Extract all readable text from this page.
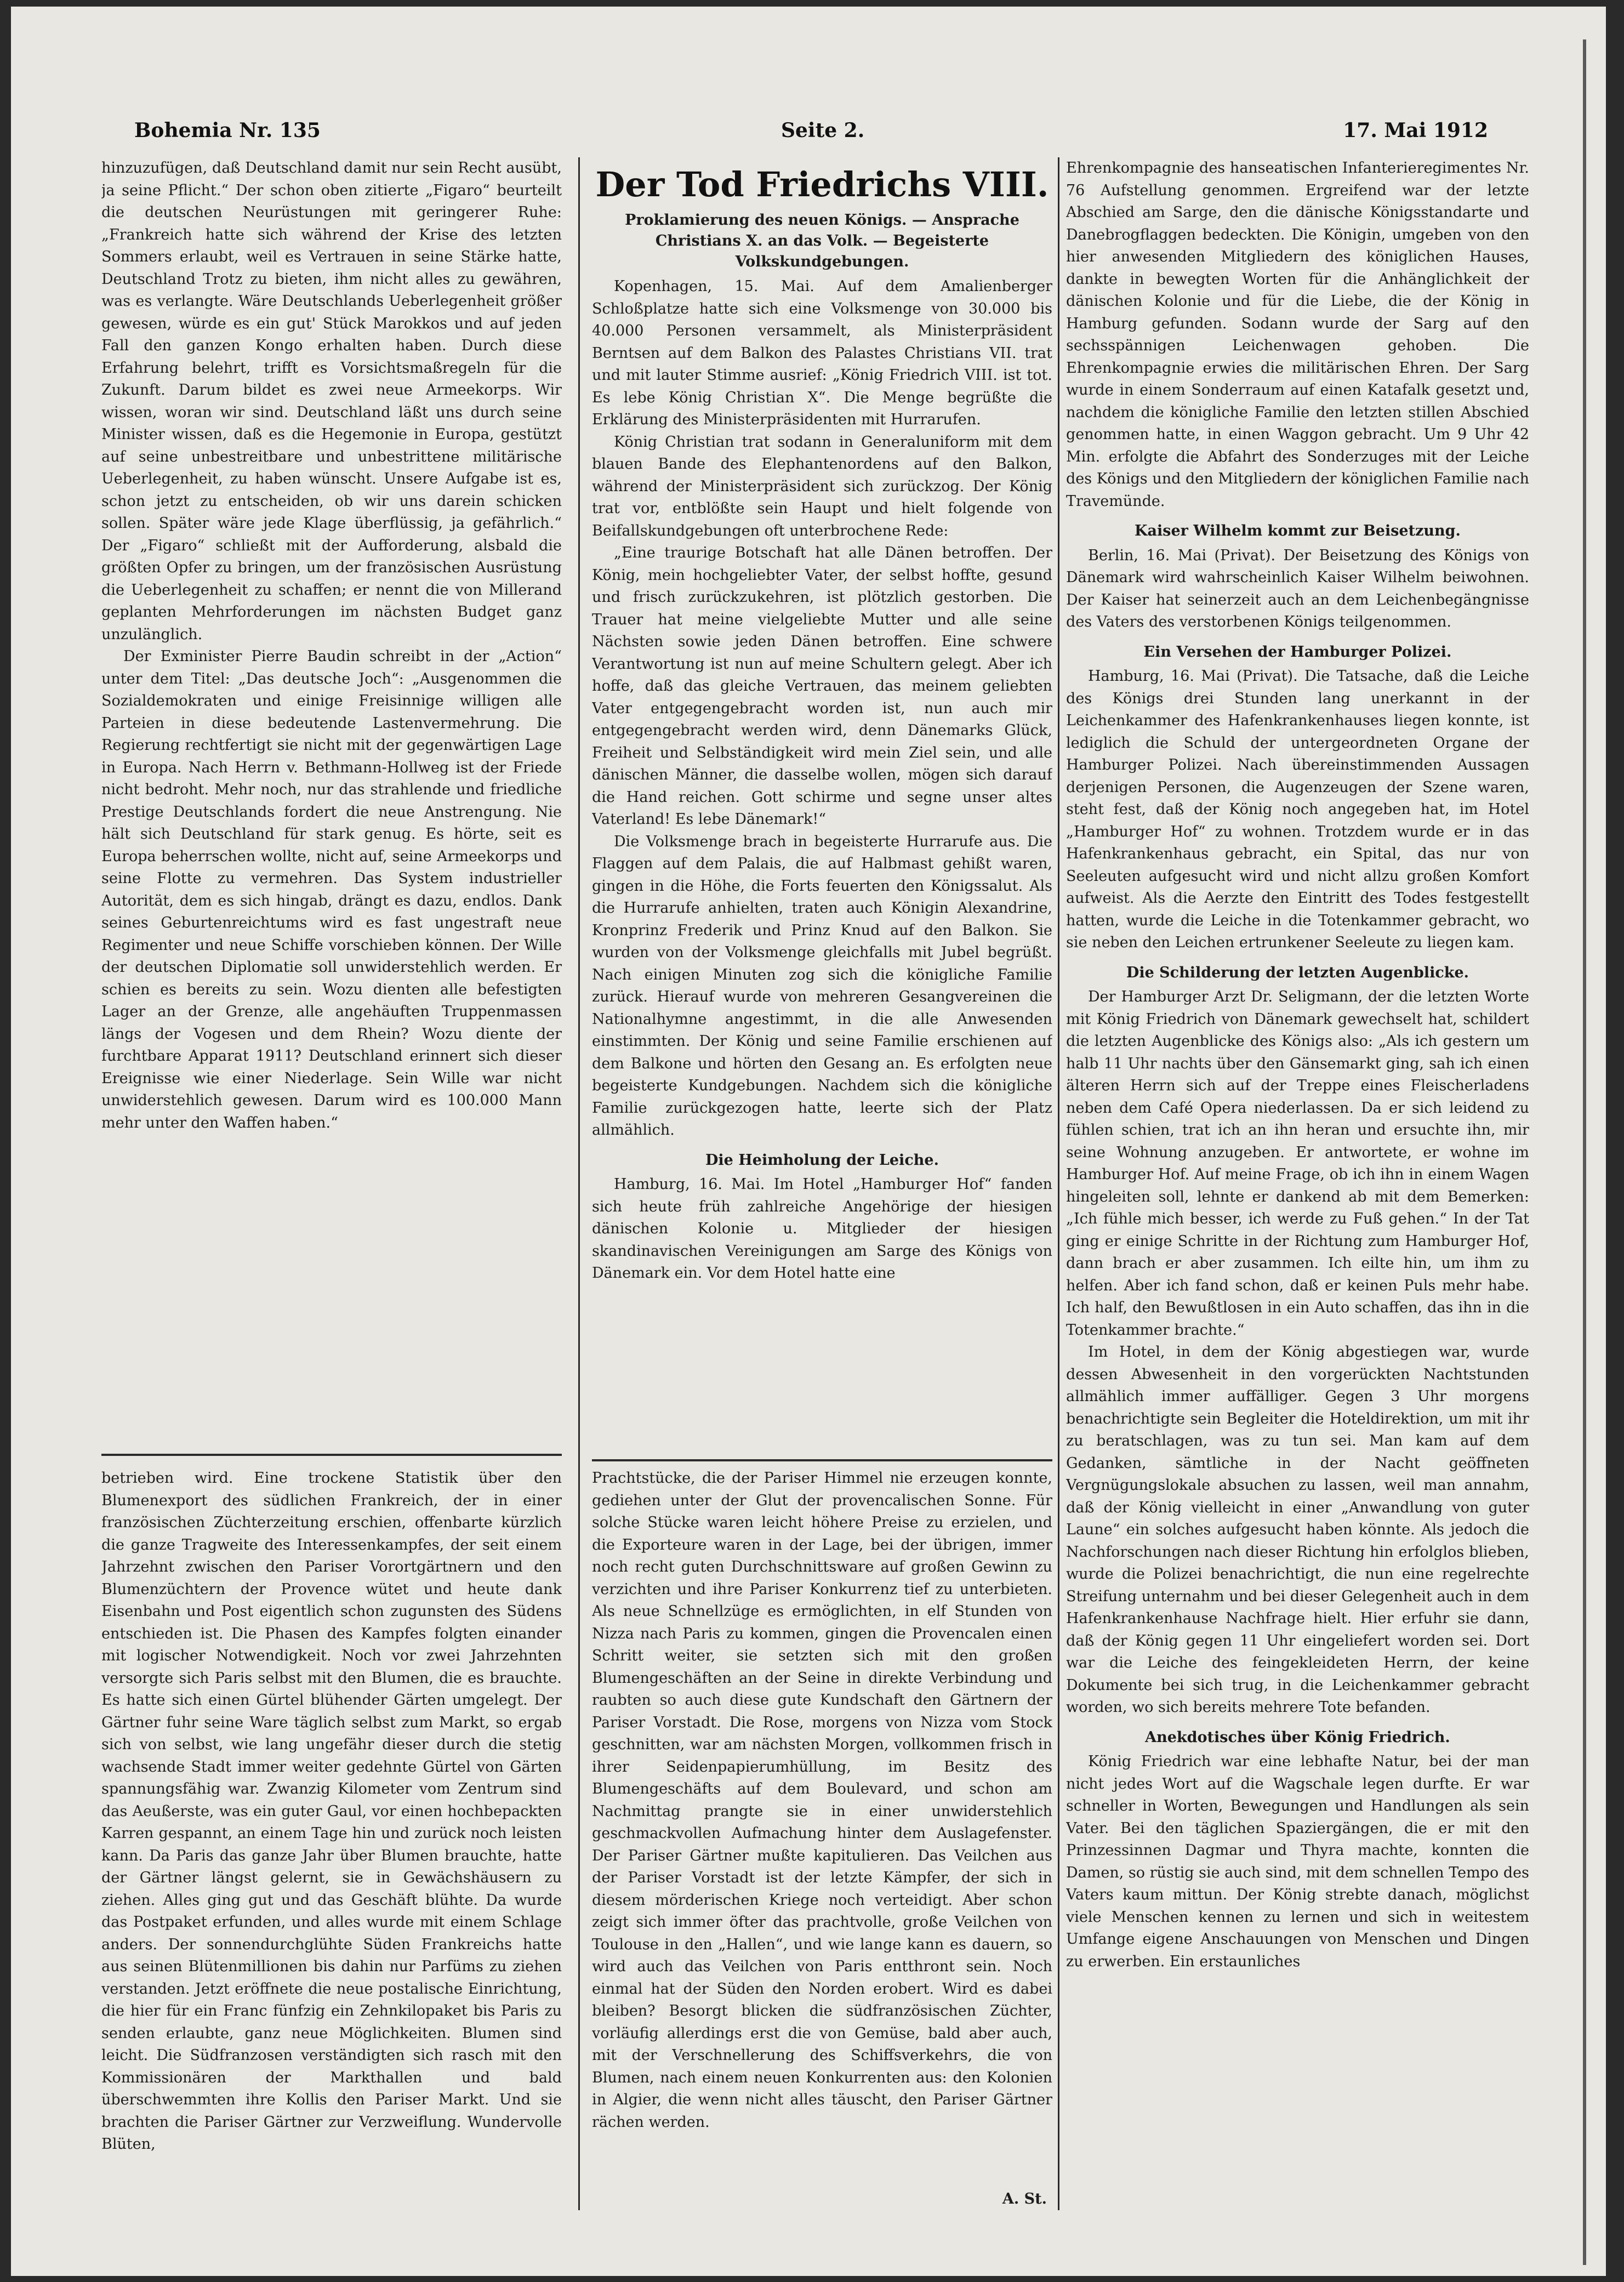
Bohemia Nr. 135	Seite 2.	17. Mai 1912

hinzuzufügen, daß Deutschland damit nur sein Recht ausübt, ja seine Pflicht.“ Der schon oben zitierte „Figaro“ beurteilt die deutschen Neurüstungen mit geringerer Ruhe: „Frankreich hatte sich während der Krise des letzten Sommers erlaubt, weil es Vertrauen in seine Stärke hatte, Deutschland Trotz zu bieten, ihm nicht alles zu gewähren, was es verlangte. Wäre Deutschlands Ueberlegenheit größer gewesen, würde es ein gut' Stück Marokkos und auf jeden Fall den ganzen Kongo erhalten haben. Durch diese Erfahrung belehrt, trifft es Vorsichtsmaßregeln für die Zukunft. Darum bildet es zwei neue Armeekorps. Wir wissen, woran wir sind. Deutschland läßt uns durch seine Minister wissen, daß es die Hegemonie in Europa, gestützt auf seine unbestreitbare und unbestrittene militärische Ueberlegenheit, zu haben wünscht. Unsere Aufgabe ist es, schon jetzt zu entscheiden, ob wir uns darein schicken sollen. Später wäre jede Klage überflüssig, ja gefährlich.“ Der „Figaro“ schließt mit der Aufforderung, alsbald die größten Opfer zu bringen, um der französischen Ausrüstung die Ueberlegenheit zu schaffen; er nennt die von Millerand geplanten Mehrforderungen im nächsten Budget ganz unzulänglich.

Der Exminister Pierre Baudin schreibt in der „Action“ unter dem Titel: „Das deutsche Joch“: „Ausgenommen die Sozialdemokraten und einige Freisinnige willigen alle Parteien in diese bedeutende Lastenvermehrung. Die Regierung rechtfertigt sie nicht mit der gegenwärtigen Lage in Europa. Nach Herrn v. Bethmann-Hollweg ist der Friede nicht bedroht. Mehr noch, nur das strahlende und friedliche Prestige Deutschlands fordert die neue Anstrengung. Nie hält sich Deutschland für stark genug. Es hörte, seit es Europa beherrschen wollte, nicht auf, seine Armeekorps und seine Flotte zu vermehren. Das System industrieller Autorität, dem es sich hingab, drängt es dazu, endlos. Dank seines Geburtenreichtums wird es fast ungestraft neue Regimenter und neue Schiffe vorschieben können. Der Wille der deutschen Diplomatie soll unwiderstehlich werden. Er schien es bereits zu sein. Wozu dienten alle befestigten Lager an der Grenze, alle angehäuften Truppenmassen längs der Vogesen und dem Rhein? Wozu diente der furchtbare Apparat 1911? Deutschland erinnert sich dieser Ereignisse wie einer Niederlage. Sein Wille war nicht unwiderstehlich gewesen. Darum wird es 100.000 Mann mehr unter den Waffen haben.“

Der Tod Friedrichs VIII.
Proklamierung des neuen Königs. — Ansprache Christians X. an das Volk. — Begeisterte Volkskundgebungen.

Kopenhagen, 15. Mai. Auf dem Amalienberger Schloßplatze hatte sich eine Volksmenge von 30.000 bis 40.000 Personen versammelt, als Ministerpräsident Berntsen auf dem Balkon des Palastes Christians VII. trat und mit lauter Stimme ausrief: „König Friedrich VIII. ist tot. Es lebe König Christian X“. Die Menge begrüßte die Erklärung des Ministerpräsidenten mit Hurrarufen.

König Christian trat sodann in Generaluniform mit dem blauen Bande des Elephantenordens auf den Balkon, während der Ministerpräsident sich zurückzog. Der König trat vor, entblößte sein Haupt und hielt folgende von Beifallskundgebungen oft unterbrochene Rede:

„Eine traurige Botschaft hat alle Dänen betroffen. Der König, mein hochgeliebter Vater, der selbst hoffte, gesund und frisch zurückzukehren, ist plötzlich gestorben. Die Trauer hat meine vielgeliebte Mutter und alle seine Nächsten sowie jeden Dänen betroffen. Eine schwere Verantwortung ist nun auf meine Schultern gelegt. Aber ich hoffe, daß das gleiche Vertrauen, das meinem geliebten Vater entgegengebracht worden ist, nun auch mir entgegengebracht werden wird, denn Dänemarks Glück, Freiheit und Selbständigkeit wird mein Ziel sein, und alle dänischen Männer, die dasselbe wollen, mögen sich darauf die Hand reichen. Gott schirme und segne unser altes Vaterland! Es lebe Dänemark!“

Die Volksmenge brach in begeisterte Hurrarufe aus. Die Flaggen auf dem Palais, die auf Halbmast gehißt waren, gingen in die Höhe, die Forts feuerten den Königssalut. Als die Hurrarufe anhielten, traten auch Königin Alexandrine, Kronprinz Frederik und Prinz Knud auf den Balkon. Sie wurden von der Volksmenge gleichfalls mit Jubel begrüßt. Nach einigen Minuten zog sich die königliche Familie zurück. Hierauf wurde von mehreren Gesangvereinen die Nationalhymne angestimmt, in die alle Anwesenden einstimmten. Der König und seine Familie erschienen auf dem Balkone und hörten den Gesang an. Es erfolgten neue begeisterte Kundgebungen. Nachdem sich die königliche Familie zurückgezogen hatte, leerte sich der Platz allmählich.

Die Heimholung der Leiche.

Hamburg, 16. Mai. Im Hotel „Hamburger Hof“ fanden sich heute früh zahlreiche Angehörige der hiesigen dänischen Kolonie u. Mitglieder der hiesigen skandinavischen Vereinigungen am Sarge des Königs von Dänemark ein. Vor dem Hotel hatte eine

Ehrenkompagnie des hanseatischen Infanterieregimentes Nr. 76 Aufstellung genommen. Ergreifend war der letzte Abschied am Sarge, den die dänische Königsstandarte und Danebrogflaggen bedeckten. Die Königin, umgeben von den hier anwesenden Mitgliedern des königlichen Hauses, dankte in bewegten Worten für die Anhänglichkeit der dänischen Kolonie und für die Liebe, die der König in Hamburg gefunden. Sodann wurde der Sarg auf den sechsspännigen Leichenwagen gehoben. Die Ehrenkompagnie erwies die militärischen Ehren. Der Sarg wurde in einem Sonderraum auf einen Katafalk gesetzt und, nachdem die königliche Familie den letzten stillen Abschied genommen hatte, in einen Waggon gebracht. Um 9 Uhr 42 Min. erfolgte die Abfahrt des Sonderzuges mit der Leiche des Königs und den Mitgliedern der königlichen Familie nach Travemünde.

Kaiser Wilhelm kommt zur Beisetzung.

Berlin, 16. Mai (Privat). Der Beisetzung des Königs von Dänemark wird wahrscheinlich Kaiser Wilhelm beiwohnen. Der Kaiser hat seinerzeit auch an dem Leichenbegängnisse des Vaters des verstorbenen Königs teilgenommen.

Ein Versehen der Hamburger Polizei.

Hamburg, 16. Mai (Privat). Die Tatsache, daß die Leiche des Königs drei Stunden lang unerkannt in der Leichenkammer des Hafenkrankenhauses liegen konnte, ist lediglich die Schuld der untergeordneten Organe der Hamburger Polizei. Nach übereinstimmenden Aussagen derjenigen Personen, die Augenzeugen der Szene waren, steht fest, daß der König noch angegeben hat, im Hotel „Hamburger Hof“ zu wohnen. Trotzdem wurde er in das Hafenkrankenhaus gebracht, ein Spital, das nur von Seeleuten aufgesucht wird und nicht allzu großen Komfort aufweist. Als die Aerzte den Eintritt des Todes festgestellt hatten, wurde die Leiche in die Totenkammer gebracht, wo sie neben den Leichen ertrunkener Seeleute zu liegen kam.

Die Schilderung der letzten Augenblicke.

Der Hamburger Arzt Dr. Seligmann, der die letzten Worte mit König Friedrich von Dänemark gewechselt hat, schildert die letzten Augenblicke des Königs also: „Als ich gestern um halb 11 Uhr nachts über den Gänsemarkt ging, sah ich einen älteren Herrn sich auf der Treppe eines Fleischerladens neben dem Café Opera niederlassen. Da er sich leidend zu fühlen schien, trat ich an ihn heran und ersuchte ihn, mir seine Wohnung anzugeben. Er antwortete, er wohne im Hamburger Hof. Auf meine Frage, ob ich ihn in einem Wagen hingeleiten soll, lehnte er dankend ab mit dem Bemerken: „Ich fühle mich besser, ich werde zu Fuß gehen.“ In der Tat ging er einige Schritte in der Richtung zum Hamburger Hof, dann brach er aber zusammen. Ich eilte hin, um ihm zu helfen. Aber ich fand schon, daß er keinen Puls mehr habe. Ich half, den Bewußtlosen in ein Auto schaffen, das ihn in die Totenkammer brachte.“

Im Hotel, in dem der König abgestiegen war, wurde dessen Abwesenheit in den vorgerückten Nachtstunden allmählich immer auffälliger. Gegen 3 Uhr morgens benachrichtigte sein Begleiter die Hoteldirektion, um mit ihr zu beratschlagen, was zu tun sei. Man kam auf dem Gedanken, sämtliche in der Nacht geöffneten Vergnügungslokale absuchen zu lassen, weil man annahm, daß der König vielleicht in einer „Anwandlung von guter Laune“ ein solches aufgesucht haben könnte. Als jedoch die Nachforschungen nach dieser Richtung hin erfolglos blieben, wurde die Polizei benachrichtigt, die nun eine regelrechte Streifung unternahm und bei dieser Gelegenheit auch in dem Hafenkrankenhause Nachfrage hielt. Hier erfuhr sie dann, daß der König gegen 11 Uhr eingeliefert worden sei. Dort war die Leiche des feingekleideten Herrn, der keine Dokumente bei sich trug, in die Leichenkammer gebracht worden, wo sich bereits mehrere Tote befanden.

Anekdotisches über König Friedrich.

König Friedrich war eine lebhafte Natur, bei der man nicht jedes Wort auf die Wagschale legen durfte. Er war schneller in Worten, Bewegungen und Handlungen als sein Vater. Bei den täglichen Spaziergängen, die er mit den Prinzessinnen Dagmar und Thyra machte, konnten die Damen, so rüstig sie auch sind, mit dem schnellen Tempo des Vaters kaum mittun. Der König strebte danach, möglichst viele Menschen kennen zu lernen und sich in weitestem Umfange eigene Anschauungen von Menschen und Dingen zu erwerben. Ein erstaunliches

betrieben wird. Eine trockene Statistik über den Blumenexport des südlichen Frankreich, der in einer französischen Züchterzeitung erschien, offenbarte kürzlich die ganze Tragweite des Interessenkampfes, der seit einem Jahrzehnt zwischen den Pariser Vorortgärtnern und den Blumenzüchtern der Provence wütet und heute dank Eisenbahn und Post eigentlich schon zugunsten des Südens entschieden ist. Die Phasen des Kampfes folgten einander mit logischer Notwendigkeit. Noch vor zwei Jahrzehnten versorgte sich Paris selbst mit den Blumen, die es brauchte. Es hatte sich einen Gürtel blühender Gärten umgelegt. Der Gärtner fuhr seine Ware täglich selbst zum Markt, so ergab sich von selbst, wie lang ungefähr dieser durch die stetig wachsende Stadt immer weiter gedehnte Gürtel von Gärten spannungsfähig war. Zwanzig Kilometer vom Zentrum sind das Aeußerste, was ein guter Gaul, vor einen hochbepackten Karren gespannt, an einem Tage hin und zurück noch leisten kann. Da Paris das ganze Jahr über Blumen brauchte, hatte der Gärtner längst gelernt, sie in Gewächshäusern zu ziehen. Alles ging gut und das Geschäft blühte. Da wurde das Postpaket erfunden, und alles wurde mit einem Schlage anders. Der sonnendurchglühte Süden Frankreichs hatte aus seinen Blütenmillionen bis dahin nur Parfüms zu ziehen verstanden. Jetzt eröffnete die neue postalische Einrichtung, die hier für ein Franc fünfzig ein Zehnkilopaket bis Paris zu senden erlaubte, ganz neue Möglichkeiten. Blumen sind leicht. Die Südfranzosen verständigten sich rasch mit den Kommissionären der Markthallen und bald überschwemmten ihre Kollis den Pariser Markt. Und sie brachten die Pariser Gärtner zur Verzweiflung. Wundervolle Blüten,

Prachtstücke, die der Pariser Himmel nie erzeugen konnte, gediehen unter der Glut der provencalischen Sonne. Für solche Stücke waren leicht höhere Preise zu erzielen, und die Exporteure waren in der Lage, bei der übrigen, immer noch recht guten Durchschnittsware auf großen Gewinn zu verzichten und ihre Pariser Konkurrenz tief zu unterbieten. Als neue Schnellzüge es ermöglichten, in elf Stunden von Nizza nach Paris zu kommen, gingen die Provencalen einen Schritt weiter, sie setzten sich mit den großen Blumengeschäften an der Seine in direkte Verbindung und raubten so auch diese gute Kundschaft den Gärtnern der Pariser Vorstadt. Die Rose, morgens von Nizza vom Stock geschnitten, war am nächsten Morgen, vollkommen frisch in ihrer Seidenpapierumhüllung, im Besitz des Blumengeschäfts auf dem Boulevard, und schon am Nachmittag prangte sie in einer unwiderstehlich geschmackvollen Aufmachung hinter dem Auslagefenster. Der Pariser Gärtner mußte kapitulieren. Das Veilchen aus der Pariser Vorstadt ist der letzte Kämpfer, der sich in diesem mörderischen Kriege noch verteidigt. Aber schon zeigt sich immer öfter das prachtvolle, große Veilchen von Toulouse in den „Hallen“, und wie lange kann es dauern, so wird auch das Veilchen von Paris entthront sein. Noch einmal hat der Süden den Norden erobert. Wird es dabei bleiben? Besorgt blicken die südfranzösischen Züchter, vorläufig allerdings erst die von Gemüse, bald aber auch, mit der Verschnellerung des Schiffsverkehrs, die von Blumen, nach einem neuen Konkurrenten aus: den Kolonien in Algier, die wenn nicht alles täuscht, den Pariser Gärtner rächen werden.

A. St.
